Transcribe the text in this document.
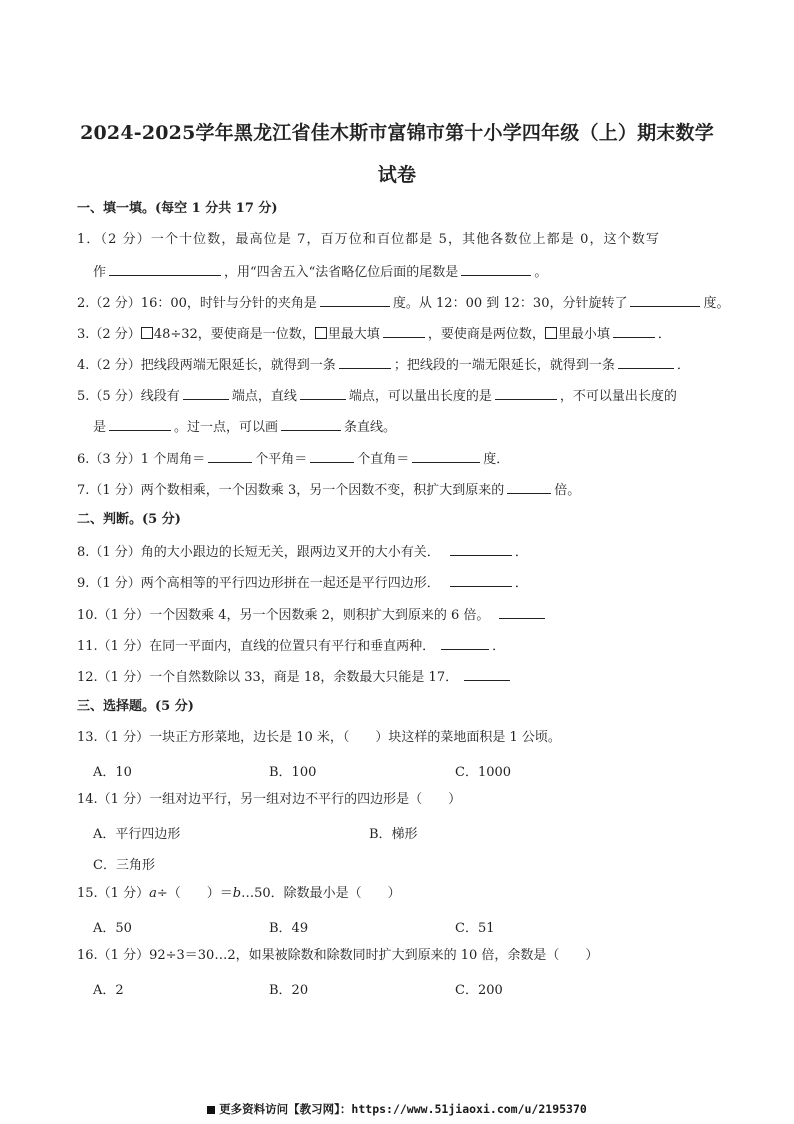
2024-2025学年黑龙江省佳木斯市富锦市第十小学四年级（上）期末数学
试卷
一、填一填。(每空 1 分共 17 分)
1．（2 分）一个十位数，最高位是 7，百万位和百位都是 5，其他各数位上都是 0，这个数写
作	，用“四舍五入“法省略亿位后面的尾数是	。
2.（2 分）16：00，时针与分针的夹角是	度。从 12：00 到 12：30，分针旋转了	度。
3.（2 分） 48÷32，要使商是一位数， 里最大填	，要使商是两位数， 里最小填	．
4.（2 分）把线段两端无限延长，就得到一条	；把线段的一端无限延长，就得到一条	．
5.（5 分）线段有	端点，直线	端点，可以量出长度的是	，不可以量出长度的
是	。过一点，可以画	条直线。
6.（3 分）1 个周角＝	个平角＝	个直角＝	度．
7.（1 分）两个数相乘，一个因数乘 3，另一个因数不变，积扩大到原来的	倍。
二、判断。(5 分)
8.（1 分）角的大小跟边的长短无关，跟两边叉开的大小有关．	．
9.（1 分）两个高相等的平行四边形拼在一起还是平行四边形．	．
10.（1 分）一个因数乘 4，另一个因数乘 2，则积扩大到原来的 6 倍。
11.（1 分）在同一平面内，直线的位置只有平行和垂直两种．	．
12.（1 分）一个自然数除以 33，商是 18，余数最大只能是 17．
三、选择题。(5 分)
13.（1 分）一块正方形菜地，边长是 10 米，（　　）块这样的菜地面积是 1 公顷。
A．10	B．100	C．1000
14.（1 分）一组对边平行，另一组对边不平行的四边形是（　　）
A．平行四边形	B．梯形
C．三角形
15.（1 分）a÷（　　）＝b…50．除数最小是（　　）
A．50	B．49	C．51
16.（1 分）92÷3＝30…2，如果被除数和除数同时扩大到原来的 10 倍，余数是（　　）
A．2	B．20	C．200
更多资料访问【教习网】：https://www.51jiaoxi.com/u/2195370
